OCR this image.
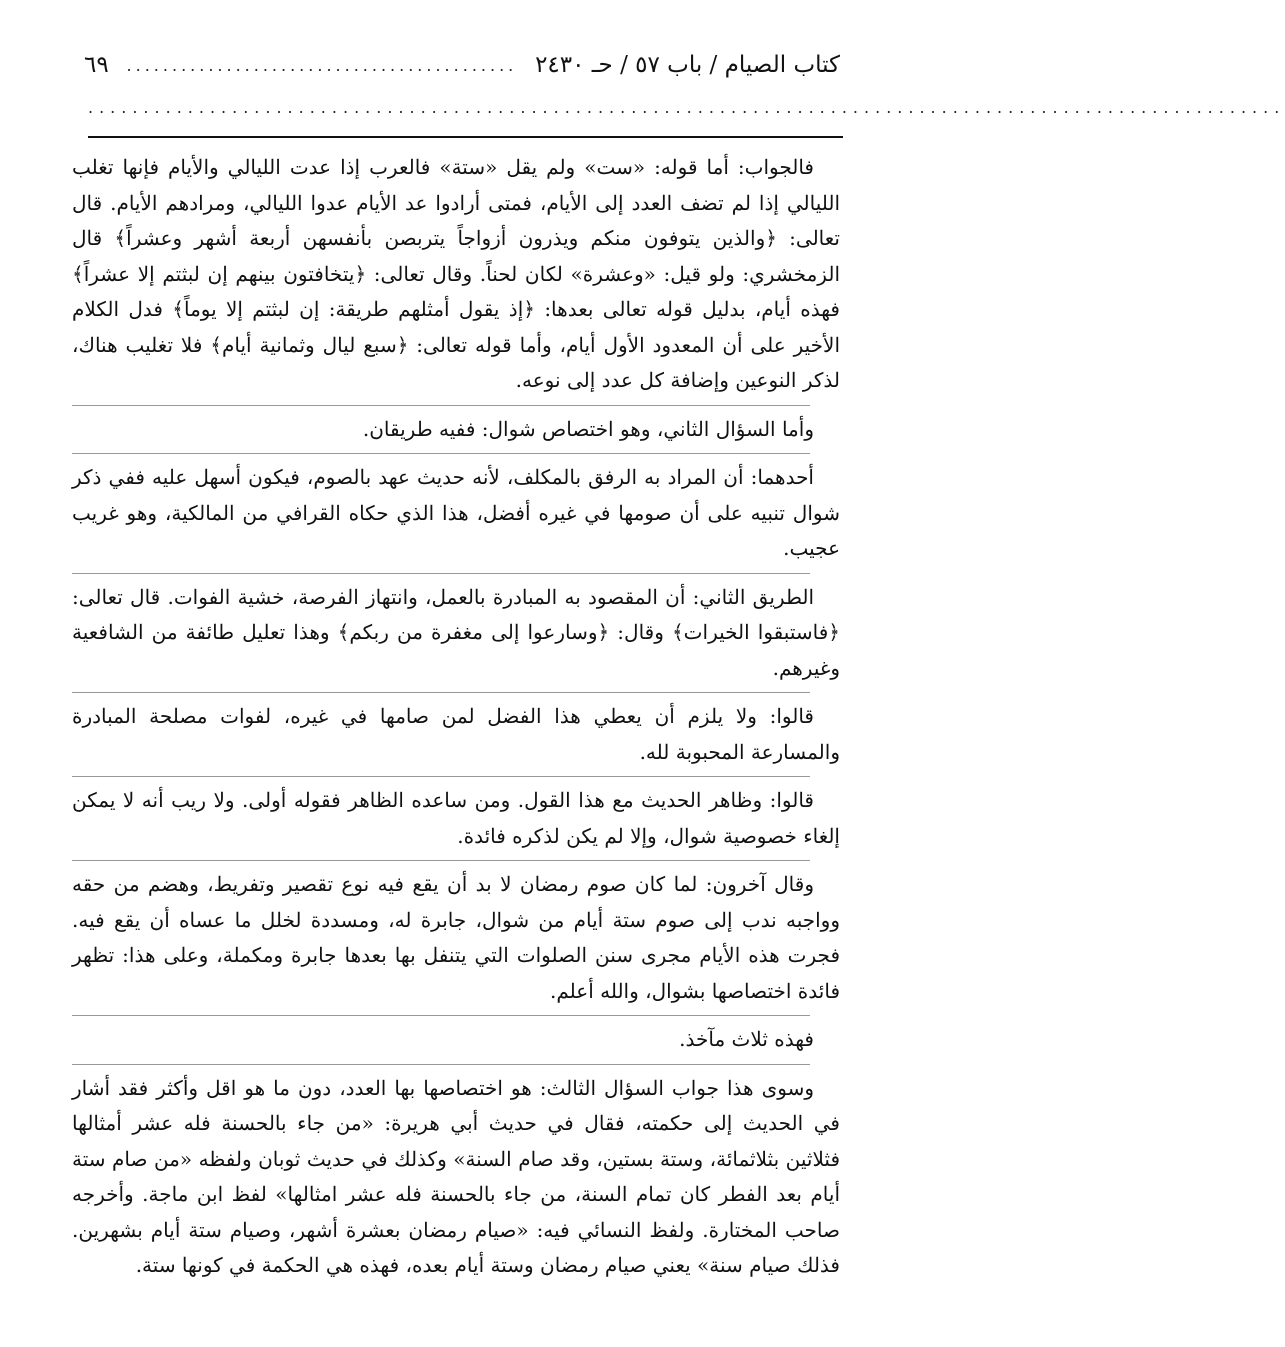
كتاب الصيام / باب ٥٧ / حـ ٢٤٣٠
...........................................
٦٩
............................................................................................................

فالجواب: أما قوله: «ست» ولم يقل «ستة» فالعرب إذا عدت الليالي والأيام فإنها تغلب الليالي إذا لم تضف العدد إلى الأيام، فمتى أرادوا عد الأيام عدوا الليالي، ومرادهم الأيام. قال تعالى: ﴿والذين يتوفون منكم ويذرون أزواجاً يتربصن بأنفسهن أربعة أشهر وعشراً﴾ قال الزمخشري: ولو قيل: «وعشرة» لكان لحناً. وقال تعالى: ﴿يتخافتون بينهم إن لبثتم إلا عشراً﴾ فهذه أيام، بدليل قوله تعالى بعدها: ﴿إذ يقول أمثلهم طريقة: إن لبثتم إلا يوماً﴾ فدل الكلام الأخير على أن المعدود الأول أيام، وأما قوله تعالى: ﴿سبع ليال وثمانية أيام﴾ فلا تغليب هناك، لذكر النوعين وإضافة كل عدد إلى نوعه.

وأما السؤال الثاني، وهو اختصاص شوال: ففيه طريقان.

أحدهما: أن المراد به الرفق بالمكلف، لأنه حديث عهد بالصوم، فيكون أسهل عليه ففي ذكر شوال تنبيه على أن صومها في غيره أفضل، هذا الذي حكاه القرافي من المالكية، وهو غريب عجيب.

الطريق الثاني: أن المقصود به المبادرة بالعمل، وانتهاز الفرصة، خشية الفوات. قال تعالى: ﴿فاستبقوا الخيرات﴾ وقال: ﴿وسارعوا إلى مغفرة من ربكم﴾ وهذا تعليل طائفة من الشافعية وغيرهم.

قالوا: ولا يلزم أن يعطي هذا الفضل لمن صامها في غيره، لفوات مصلحة المبادرة والمسارعة المحبوبة لله.

قالوا: وظاهر الحديث مع هذا القول. ومن ساعده الظاهر فقوله أولى. ولا ريب أنه لا يمكن إلغاء خصوصية شوال، وإلا لم يكن لذكره فائدة.

وقال آخرون: لما كان صوم رمضان لا بد أن يقع فيه نوع تقصير وتفريط، وهضم من حقه وواجبه ندب إلى صوم ستة أيام من شوال، جابرة له، ومسددة لخلل ما عساه أن يقع فيه. فجرت هذه الأيام مجرى سنن الصلوات التي يتنفل بها بعدها جابرة ومكملة، وعلى هذا: تظهر فائدة اختصاصها بشوال، والله أعلم.

فهذه ثلاث مآخذ.

وسوى هذا جواب السؤال الثالث: هو اختصاصها بها العدد، دون ما هو اقل وأكثر فقد أشار في الحديث إلى حكمته، فقال في حديث أبي هريرة: «من جاء بالحسنة فله عشر أمثالها فثلاثين بثلاثمائة، وستة بستين، وقد صام السنة» وكذلك في حديث ثوبان ولفظه «من صام ستة أيام بعد الفطر كان تمام السنة، من جاء بالحسنة فله عشر امثالها» لفظ ابن ماجة. وأخرجه صاحب المختارة. ولفظ النسائي فيه: «صيام رمضان بعشرة أشهر، وصيام ستة أيام بشهرين. فذلك صيام سنة» يعني صيام رمضان وستة أيام بعده، فهذه هي الحكمة في كونها ستة.
